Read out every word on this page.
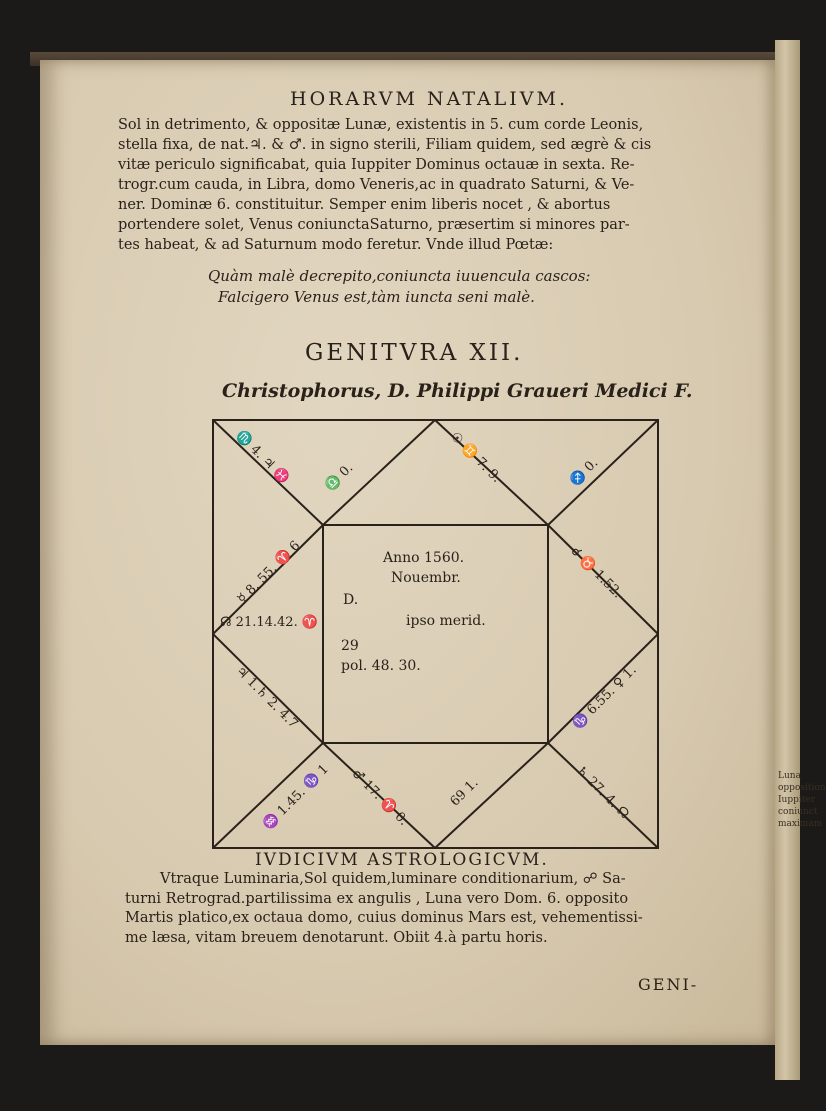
Luna
opposition
Iuppiter
coniunct
maximam
HORARVM NATALIVM.
Sol in detrimento, & oppositæ Lunæ, existentis in 5. cum corde Leonis,
stella fixa, de nat.♃. & ♂. in signo sterili, Filiam quidem, sed ægrè & cis
vitæ periculo significabat, quia Iuppiter Dominus octauæ in sexta. Re-
trogr.cum cauda, in Libra, domo Veneris,ac in quadrato Saturni, & Ve-
ner. Dominæ 6. constituitur. Semper enim liberis nocet , & abortus
portendere solet, Venus coniunctaSaturno, præsertim si minores par-
tes habeat, & ad Saturnum modo feretur. Vnde illud Pœtæ:
Quàm malè decrepito,coniuncta iuuencula cascos:
Falcigero Venus est,tàm iuncta seni malè.
GENITVRA XII.
Christophorus, D. Philippi Graueri Medici F.
Anno 1560.
Nouembr.
D.
ipso merid.
29
pol. 48. 30.
☊ 21.14.42. ♈
☿ 8. 55. ♈ 6
♃ 1.♄ 2. 4.7
♒ 1.45. ♑ 1
♏ 4. ♃ ♓ ♎ 0.	☉ ♊ 7. 9.	♐ 0.
☌ ♉ 1.52.
♑ 6.55. ♀ 1.
♄ 27. 4. ☊
69 1.
♂ 17. ♈ 0.
IVDICIVM ASTROLOGICVM.
Vtraque Luminaria,Sol quidem,luminare conditionarium, ☍ Sa-
turni Retrograd.partilissima ex angulis , Luna vero Dom. 6. opposito
Martis platico,ex octaua domo, cuius dominus Mars est, vehementissi-
me læsa, vitam breuem denotarunt. Obiit 4.à partu horis.
GENI-
